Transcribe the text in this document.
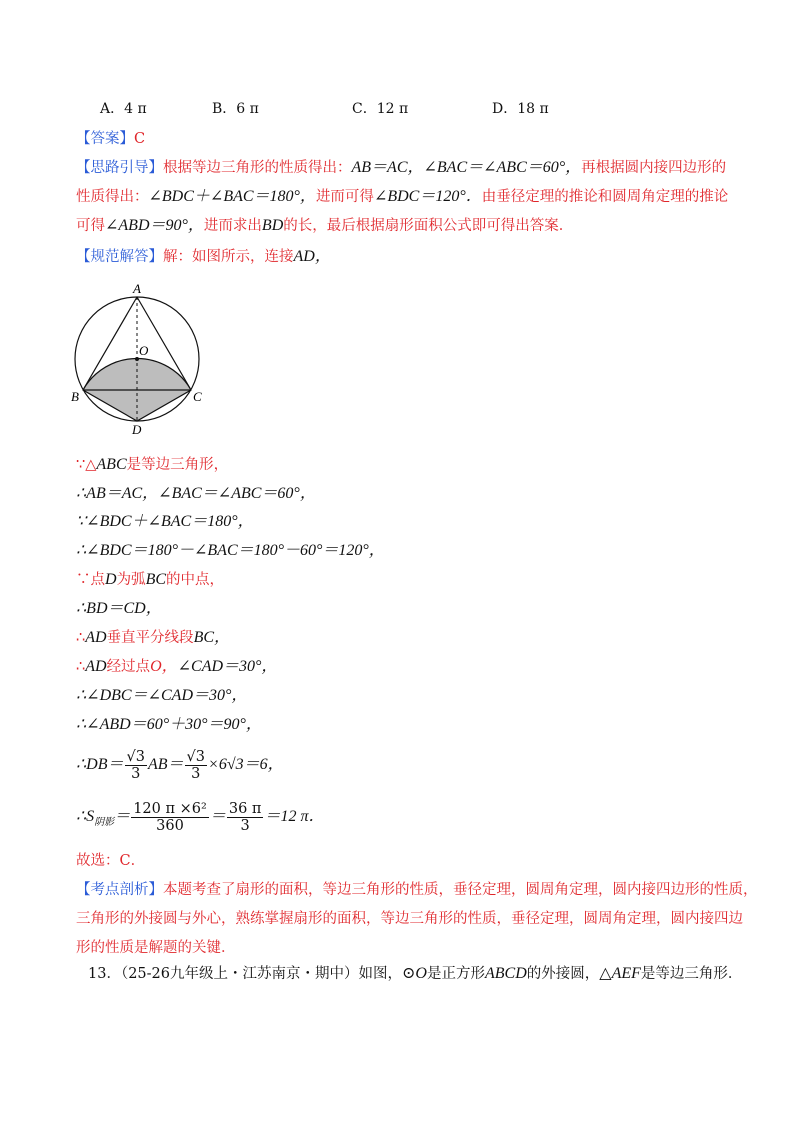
A．4 π	B．6 π	C．12 π	D．18 π
【答案】C
【思路引导】根据等边三角形的性质得出：AB＝AC，∠BAC＝∠ABC＝60°，再根据圆内接四边形的
性质得出：∠BDC＋∠BAC＝180°，进而可得∠BDC＝120°．由垂径定理的推论和圆周角定理的推论
可得∠ABD＝90°，进而求出BD的长，最后根据扇形面积公式即可得出答案．
【规范解答】解：如图所示，连接AD，
A
O
B	C
D
∵△ABC是等边三角形，
∴AB＝AC，∠BAC＝∠ABC＝60°，
∵∠BDC＋∠BAC＝180°，
∴∠BDC＝180°－∠BAC＝180°－60°＝120°，
∵点D为弧BC的中点，
∴BD＝CD，
∴AD垂直平分线段BC，
∴AD经过点O，∠CAD＝30°，
∴∠DBC＝∠CAD＝30°，
∴∠ABD＝60°＋30°＝90°，
∴DB＝ $\frac{√3}{3} AB= \frac{√3}{3} \times 6√3=6$，
$\therefore S_{阴影}= \frac{\text{120 π ×6²}}{360} = \frac{36 \pi}{3} =12$ π．
故选：C．
【考点剖析】本题考查了扇形的面积，等边三角形的性质，垂径定理，圆周角定理，圆内接四边形的性质，
三角形的外接圆与外心，熟练掌握扇形的面积，等边三角形的性质，垂径定理，圆周角定理，圆内接四边
形的性质是解题的关键．
13．（25-26九年级上・江苏南京・期中）如图，⊙O是正方形ABCD的外接圆，△AEF是等边三角形．
